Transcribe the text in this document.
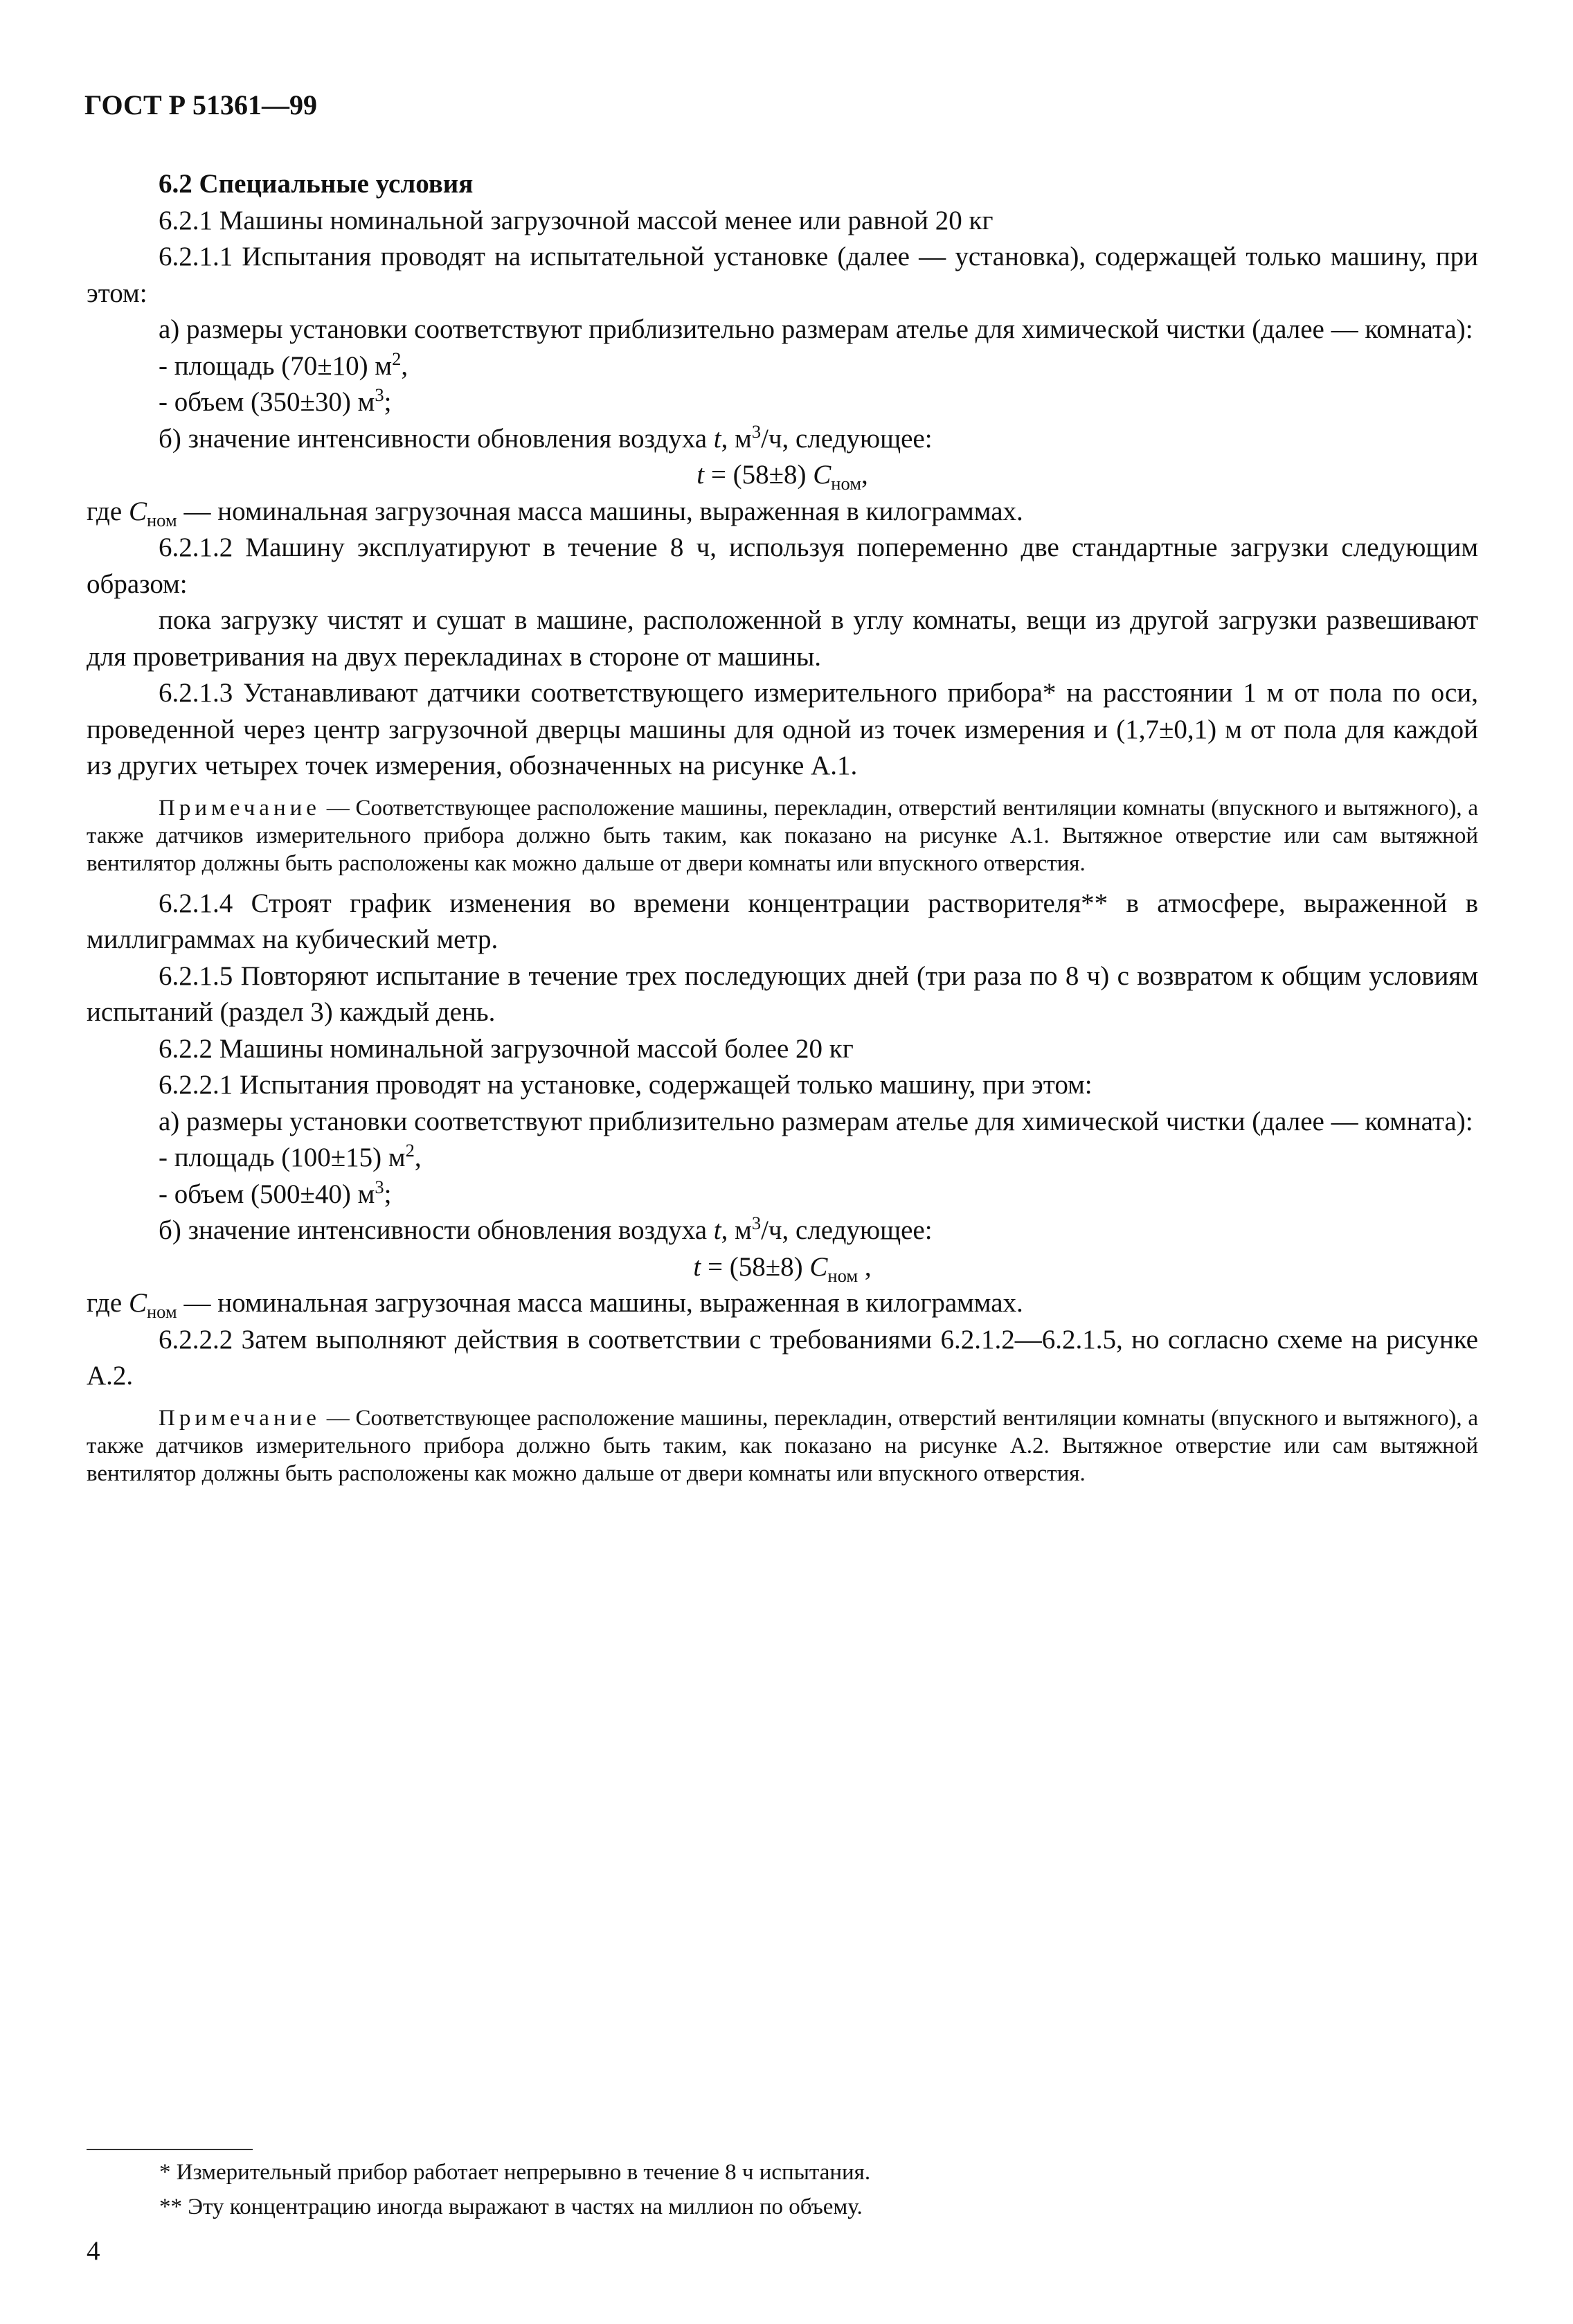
ГОСТ Р 51361—99

6.2 Специальные условия

6.2.1 Машины номинальной загрузочной массой менее или равной 20 кг

6.2.1.1 Испытания проводят на испытательной установке (далее — установка), содержащей только машину, при этом:

а) размеры установки соответствуют приблизительно размерам ателье для химической чистки (далее — комната):

- площадь (70±10) $м^2$,

- объем (350±30) $м^3$;

б) значение интенсивности обновления воздуха t, $м^3/ч$, следующее:

t = (58±8) $C_{ном}$,

где $C_{ном}$ — номинальная загрузочная масса машины, выраженная в килограммах.

6.2.1.2 Машину эксплуатируют в течение 8 ч, используя попеременно две стандартные загрузки следующим образом:

пока загрузку чистят и сушат в машине, расположенной в углу комнаты, вещи из другой загрузки развешивают для проветривания на двух перекладинах в стороне от машины.

6.2.1.3 Устанавливают датчики соответствующего измерительного прибора* на расстоянии 1 м от пола по оси, проведенной через центр загрузочной дверцы машины для одной из точек измерения и (1,7±0,1) м от пола для каждой из других четырех точек измерения, обозначенных на рисунке А.1.

Примечание — Соответствующее расположение машины, перекладин, отверстий вентиляции комнаты (впускного и вытяжного), а также датчиков измерительного прибора должно быть таким, как показано на рисунке А.1. Вытяжное отверстие или сам вытяжной вентилятор должны быть расположены как можно дальше от двери комнаты или впускного отверстия.

6.2.1.4 Строят график изменения во времени концентрации растворителя** в атмосфере, выраженной в миллиграммах на кубический метр.

6.2.1.5 Повторяют испытание в течение трех последующих дней (три раза по 8 ч) с возвратом к общим условиям испытаний (раздел 3) каждый день.

6.2.2 Машины номинальной загрузочной массой более 20 кг

6.2.2.1 Испытания проводят на установке, содержащей только машину, при этом:

а) размеры установки соответствуют приблизительно размерам ателье для химической чистки (далее — комната):

- площадь (100±15) $м^2$,

- объем (500±40) $м^3$;

б) значение интенсивности обновления воздуха t, $м^3/ч$, следующее:

t = (58±8) $C_{ном}$ ,

где $C_{ном}$ — номинальная загрузочная масса машины, выраженная в килограммах.

6.2.2.2 Затем выполняют действия в соответствии с требованиями 6.2.1.2—6.2.1.5, но согласно схеме на рисунке А.2.

Примечание — Соответствующее расположение машины, перекладин, отверстий вентиляции комнаты (впускного и вытяжного), а также датчиков измерительного прибора должно быть таким, как показано на рисунке А.2. Вытяжное отверстие или сам вытяжной вентилятор должны быть расположены как можно дальше от двери комнаты или впускного отверстия.

* Измерительный прибор работает непрерывно в течение 8 ч испытания.
** Эту концентрацию иногда выражают в частях на миллион по объему.
4
